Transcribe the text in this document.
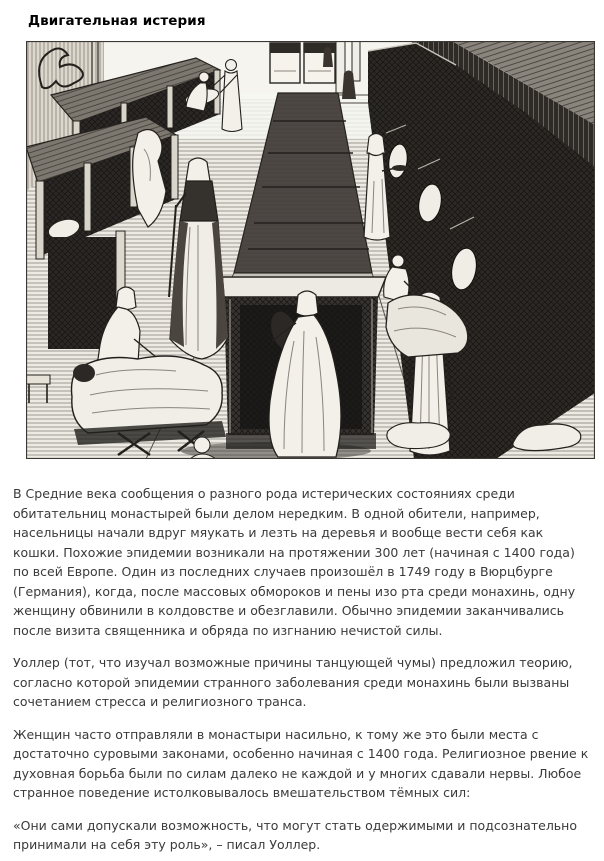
Двигательная истерия

В Средние века сообщения о разного рода истерических состояниях среди обитательниц монастырей были делом нередким. В одной обители, например, насельницы начали вдруг мяукать и лезть на деревья и вообще вести себя как кошки. Похожие эпидемии возникали на протяжении 300 лет (начиная с 1400 года) по всей Европе. Один из последних случаев произошёл в 1749 году в Вюрцбурге (Германия), когда, после массовых обмороков и пены изо рта среди монахинь, одну женщину обвинили в колдовстве и обезглавили. Обычно эпидемии заканчивались после визита священника и обряда по изгнанию нечистой силы.

Уоллер (тот, что изучал возможные причины танцующей чумы) предложил теорию, согласно которой эпидемии странного заболевания среди монахинь были вызваны сочетанием стресса и религиозного транса.

Женщин часто отправляли в монастыри насильно, к тому же это были места с достаточно суровыми законами, особенно начиная с 1400 года. Религиозное рвение к духовная борьба были по силам далеко не каждой и у многих сдавали нервы. Любое странное поведение истолковывалось вмешательством тёмных сил:

«Они сами допускали возможность, что могут стать одержимыми и подсознательно принимали на себя эту роль», – писал Уоллер.
